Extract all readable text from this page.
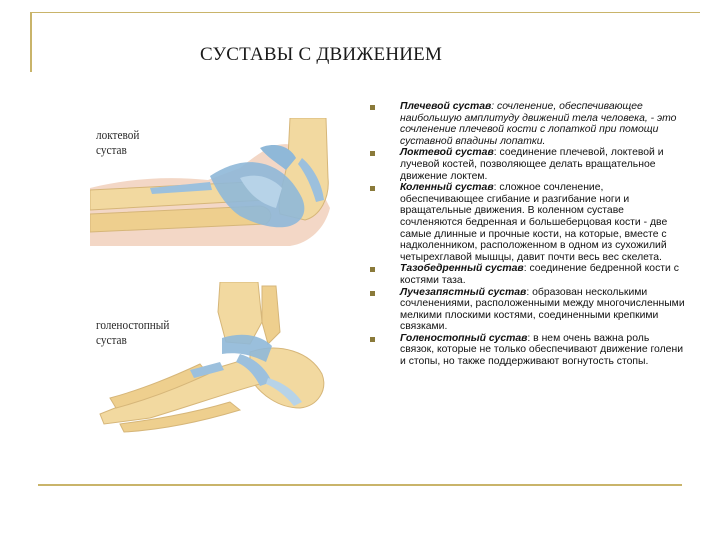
СУСТАВЫ С ДВИЖЕНИЕМ
локтевой
сустав
голеностопный
сустав
Плечевой сустав: сочленение, обеспечивающее наибольшую амплитуду движений тела человека, - это сочленение плечевой кости с лопаткой при помощи суставной впадины лопатки.
Локтевой сустав: соединение плечевой, локтевой и лучевой костей, позволяющее делать вращательное движение локтем.
Коленный сустав: сложное сочленение, обеспечивающее сгибание и разгибание ноги и вращательные движения. В коленном суставе сочленяются бедренная и большеберцовая кости - две самые длинные и прочные кости, на которые, вместе с надколенником, расположенном в одном из сухожилий четырехглавой мышцы, давит почти весь вес скелета.
Тазобедренный сустав: соединение бедренной кости с костями таза.
Лучезапястный сустав: образован несколькими сочленениями, расположенными между многочисленными мелкими плоскими костями, соединенными крепкими связками.
Голеностопный сустав: в нем очень важна роль связок, которые не только обеспечивают движение голени и стопы, но также поддерживают вогнутость стопы.
